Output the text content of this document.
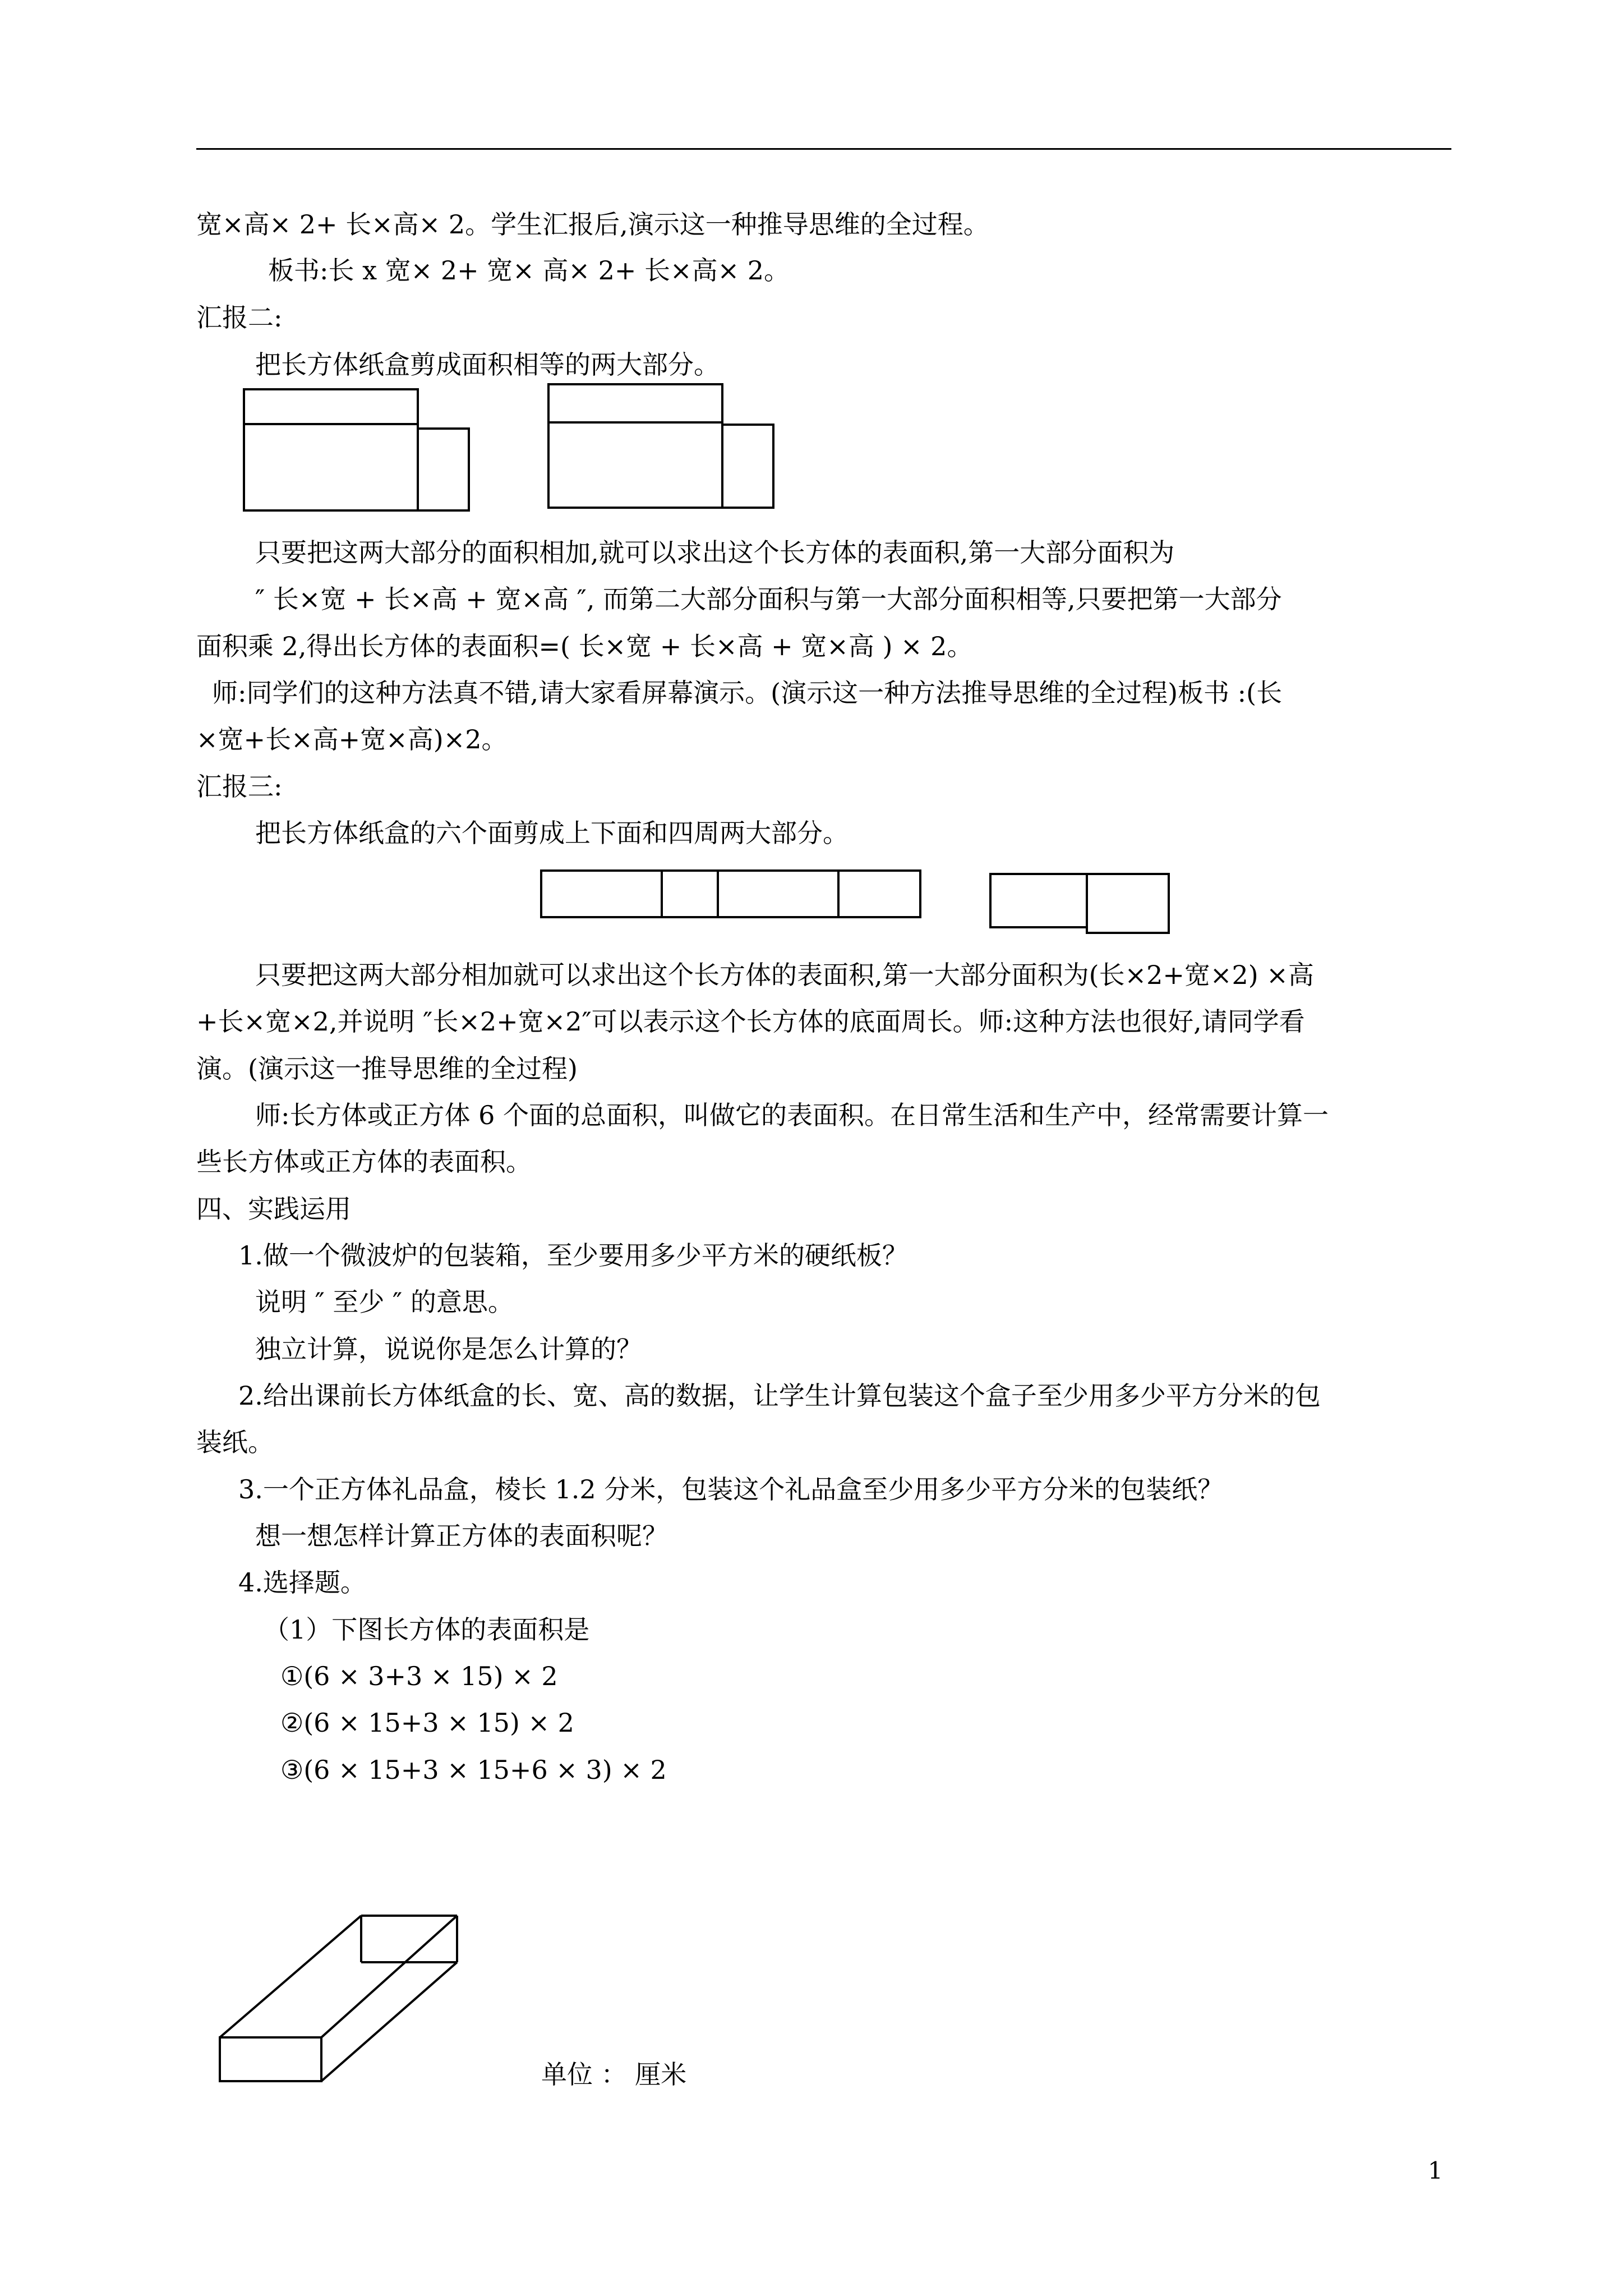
宽×高× 2+ 长×高× 2。学生汇报后,演示这一种推导思维的全过程。
板书:长 x 宽× 2+ 宽× 高× 2+ 长×高× 2。
汇报二:
把长方体纸盒剪成面积相等的两大部分。
只要把这两大部分的面积相加,就可以求出这个长方体的表面积,第一大部分面积为
″ 长×宽 + 长×高 + 宽×高 ″, 而第二大部分面积与第一大部分面积相等,只要把第一大部分
面积乘 2,得出长方体的表面积=( 长×宽 + 长×高 + 宽×高 ) × 2。
师:同学们的这种方法真不错,请大家看屏幕演示。(演示这一种方法推导思维的全过程)板书 :(长
×宽+长×高+宽×高)×2。
汇报三:
把长方体纸盒的六个面剪成上下面和四周两大部分。
只要把这两大部分相加就可以求出这个长方体的表面积,第一大部分面积为(长×2+宽×2) ×高
+长×宽×2,并说明 ″长×2+宽×2″可以表示这个长方体的底面周长。师:这种方法也很好,请同学看
演。(演示这一推导思维的全过程)
师:长方体或正方体 6 个面的总面积，叫做它的表面积。在日常生活和生产中，经常需要计算一
些长方体或正方体的表面积。
四、实践运用
1.做一个微波炉的包装箱，至少要用多少平方米的硬纸板？
说明 ″ 至少 ″ 的意思。
独立计算，说说你是怎么计算的？
2.给出课前长方体纸盒的长、宽、高的数据，让学生计算包装这个盒子至少用多少平方分米的包
装纸。
3.一个正方体礼品盒，棱长 1.2 分米，包装这个礼品盒至少用多少平方分米的包装纸？
想一想怎样计算正方体的表面积呢？
4.选择题。
（1）下图长方体的表面积是
①(6 × 3+3 × 15) × 2
②(6 × 15+3 × 15) × 2
③(6 × 15+3 × 15+6 × 3) × 2
单位 ： 厘米
1
